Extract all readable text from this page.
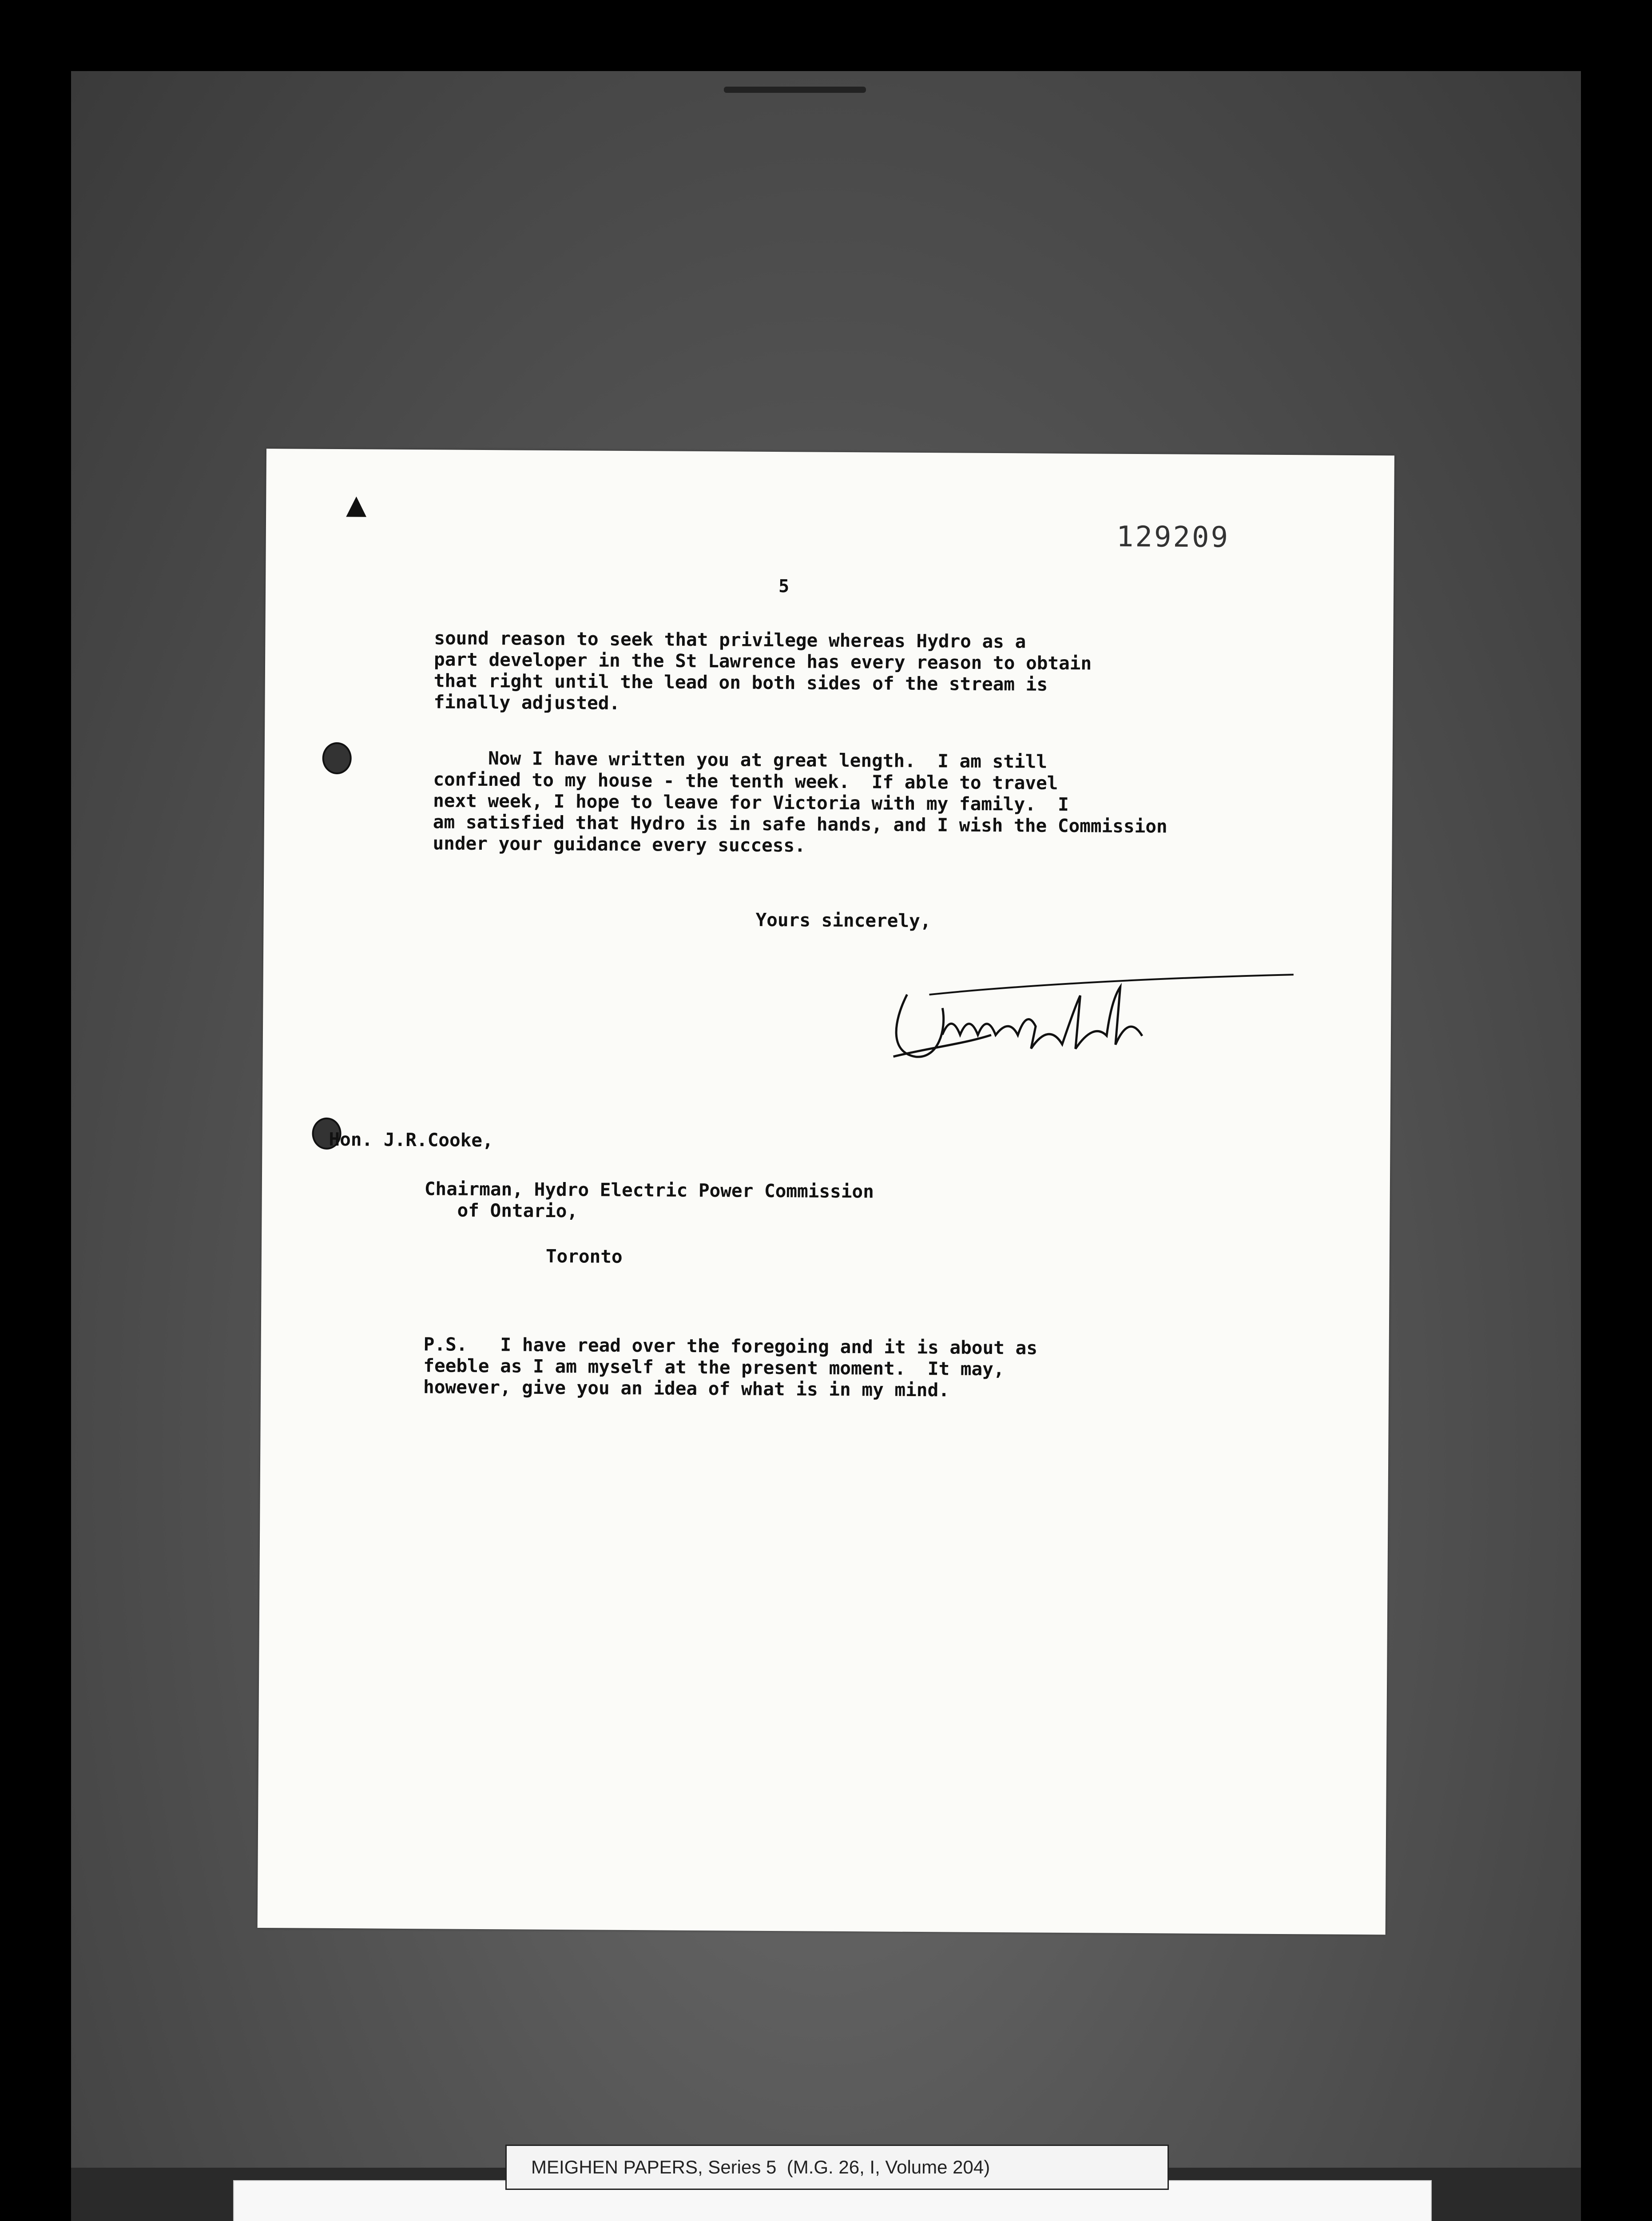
▲
129209
5
sound reason to seek that privilege whereas Hydro as a
part developer in the St Lawrence has every reason to obtain
that right until the lead on both sides of the stream is
finally adjusted.
Now I have written you at great length.  I am still
confined to my house - the tenth week.  If able to travel
next week, I hope to leave for Victoria with my family.  I
am satisfied that Hydro is in safe hands, and I wish the Commission
under your guidance every success.
Yours sincerely,
Hon. J.R.Cooke,
Chairman, Hydro Electric Power Commission
of Ontario,
Toronto
P.S.   I have read over the foregoing and it is about as
feeble as I am myself at the present moment.  It may,
however, give you an idea of what is in my mind.
MEIGHEN PAPERS, Series 5  (M.G. 26, I, Volume 204)
